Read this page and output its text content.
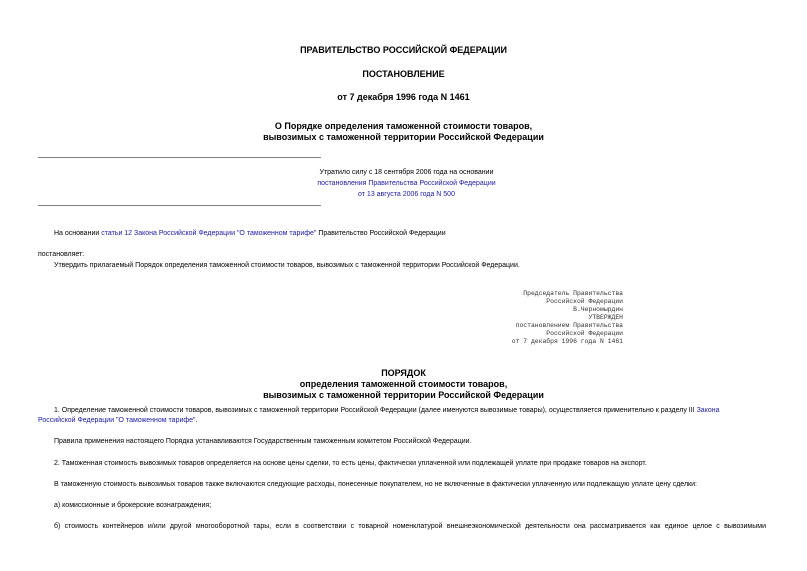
ПРАВИТЕЛЬСТВО РОССИЙСКОЙ ФЕДЕРАЦИИ

ПОСТАНОВЛЕНИЕ

от 7 декабря 1996 года N 1461

О Порядке определения таможенной стоимости товаров,

вывозимых с таможенной территории Российской Федерации

Утратило силу с 18 сентября 2006 года на основании

постановления Правительства Российской Федерации

от 13 августа 2006 года N 500

На основании статьи 12 Закона Российской Федерации "О таможенном тарифе" Правительство Российской Федерации

постановляет:

Утвердить прилагаемый Порядок определения таможенной стоимости товаров, вывозимых с таможенной территории Российской Федерации.

Председатель Правительства
Российской Федерации
В.Черномырдин
УТВЕРЖДЕН
постановлением Правительства
Российской Федерации
от 7 декабря 1996 года N 1461

ПОРЯДОК

определения таможенной стоимости товаров,

вывозимых с таможенной территории Российской Федерации

1. Определение таможенной стоимости товаров, вывозимых с таможенной территории Российской Федерации (далее именуются вывозимые товары), осуществляется применительно к разделу III Закона
Российской Федерации "О таможенном тарифе".

Правила применения настоящего Порядка устанавливаются Государственным таможенным комитетом Российской Федерации.

2. Таможенная стоимость вывозимых товаров определяется на основе цены сделки, то есть цены, фактически уплаченной или подлежащей уплате при продаже товаров на экспорт.

В таможенную стоимость вывозимых товаров также включаются следующие расходы, понесенные покупателем, но не включенные в фактически уплаченную или подлежащую уплате цену сделки:

а) комиссионные и брокерские вознаграждения;

б) стоимость контейнеров и/или другой многооборотной тары, если в соответствии с товарной номенклатурой внешнеэкономической деятельности она рассматривается как единое целое с вывозимыми
